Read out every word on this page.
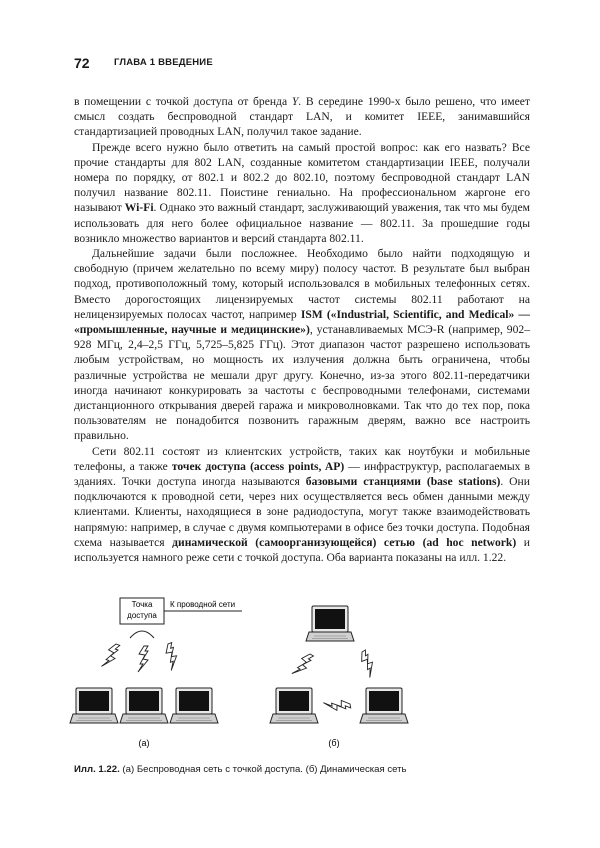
72	ГЛАВА 1 ВВЕДЕНИЕ

в помещении с точкой доступа от бренда Y. В середине 1990-х было решено, что имеет смысл создать беспроводной стандарт LAN, и комитет IEEE, занимавшийся стандартизацией проводных LAN, получил такое задание.

Прежде всего нужно было ответить на самый простой вопрос: как его назвать? Все прочие стандарты для 802 LAN, созданные комитетом стандартизации IEEE, получали номера по порядку, от 802.1 и 802.2 до 802.10, поэтому беспроводной стандарт LAN получил название 802.11. Поистине гениально. На профессиональном жаргоне его называют Wi-Fi. Однако это важный стандарт, заслуживающий уважения, так что мы будем использовать для него более официальное название — 802.11. За прошедшие годы возникло множество вариантов и версий стандарта 802.11.

Дальнейшие задачи были посложнее. Необходимо было найти подходящую и свободную (причем желательно по всему миру) полосу частот. В результате был выбран подход, противоположный тому, который использовался в мобильных телефонных сетях. Вместо дорогостоящих лицензируемых частот системы 802.11 работают на нелицензируемых полосах частот, например ISM («Industrial, Scientific, and Medical» — «промышленные, научные и медицинские»), устанавливаемых МСЭ-R (например, 902–928 МГц, 2,4–2,5 ГГц, 5,725–5,825 ГГц). Этот диапазон частот разрешено использовать любым устройствам, но мощность их излучения должна быть ограничена, чтобы различные устройства не мешали друг другу. Конечно, из-за этого 802.11-передатчики иногда начинают конкурировать за частоты с беспроводными телефонами, системами дистанционного открывания дверей гаража и микроволновками. Так что до тех пор, пока пользователям не понадобится позвонить гаражным дверям, важно все настроить правильно.

Сети 802.11 состоят из клиентских устройств, таких как ноутбуки и мобильные телефоны, а также точек доступа (access points, AP) — инфраструктур, располагаемых в зданиях. Точки доступа иногда называются базовыми станциями (base stations). Они подключаются к проводной сети, через них осуществляется весь обмен данными между клиентами. Клиенты, находящиеся в зоне радиодоступа, могут также взаимодействовать напрямую: например, в случае с двумя компьютерами в офисе без точки доступа. Подобная схема называется динамической (самоорганизующейся) сетью (ad hoc network) и используется намного реже сети с точкой доступа. Оба варианта показаны на илл. 1.22.

Точка
доступа
К проводной сети
(a)	(б)
Илл. 1.22. (а) Беспроводная сеть с точкой доступа. (б) Динамическая сеть
